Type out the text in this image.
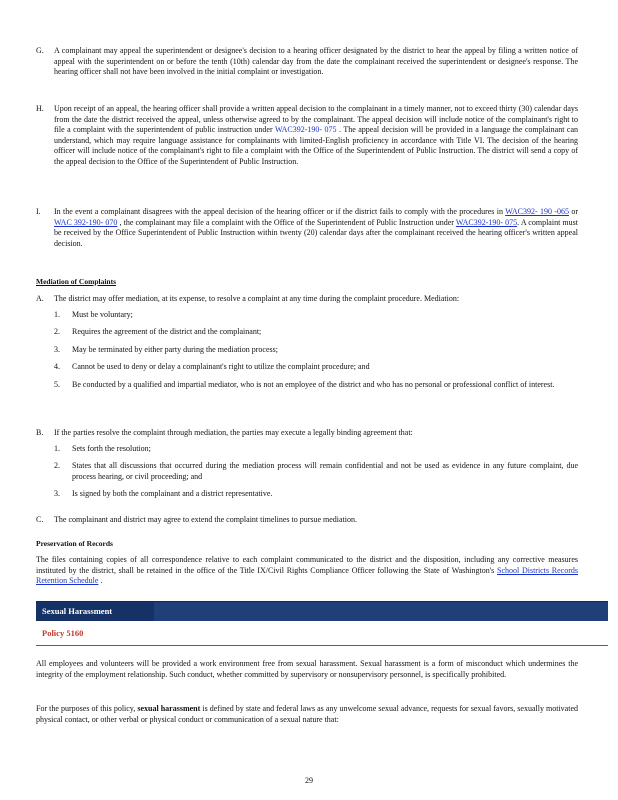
G. A complainant may appeal the superintendent or designee's decision to a hearing officer designated by the district to hear the appeal by filing a written notice of appeal with the superintendent on or before the tenth (10th) calendar day from the date the complainant received the superintendent or designee's response. The hearing officer shall not have been involved in the initial complaint or investigation.
H. Upon receipt of an appeal, the hearing officer shall provide a written appeal decision to the complainant in a timely manner, not to exceed thirty (30) calendar days from the date the district received the appeal, unless otherwise agreed to by the complainant. The appeal decision will include notice of the complainant's right to file a complaint with the superintendent of public instruction under WAC392-190- 075 . The appeal decision will be provided in a language the complainant can understand, which may require language assistance for complainants with limited-English proficiency in accordance with Title VI. The decision of the hearing officer will include notice of the complainant's right to file a complaint with the Office of the Superintendent of Public Instruction. The district will send a copy of the appeal decision to the Office of the Superintendent of Public Instruction.
I. In the event a complainant disagrees with the appeal decision of the hearing officer or if the district fails to comply with the procedures in WAC392- 190 -065 or WAC 392-190- 070 , the complainant may file a complaint with the Office of the Superintendent of Public Instruction under WAC392-190- 075. A complaint must be received by the Office Superintendent of Public Instruction within twenty (20) calendar days after the complainant received the hearing officer's written appeal decision.
Mediation of Complaints
A. The district may offer mediation, at its expense, to resolve a complaint at any time during the complaint procedure. Mediation:
1. Must be voluntary;
2. Requires the agreement of the district and the complainant;
3. May be terminated by either party during the mediation process;
4. Cannot be used to deny or delay a complainant's right to utilize the complaint procedure; and
5. Be conducted by a qualified and impartial mediator, who is not an employee of the district and who has no personal or professional conflict of interest.
B. If the parties resolve the complaint through mediation, the parties may execute a legally binding agreement that:
1. Sets forth the resolution;
2. States that all discussions that occurred during the mediation process will remain confidential and not be used as evidence in any future complaint, due process hearing, or civil proceeding; and
3. Is signed by both the complainant and a district representative.
C. The complainant and district may agree to extend the complaint timelines to pursue mediation.
Preservation of Records
The files containing copies of all correspondence relative to each complaint communicated to the district and the disposition, including any corrective measures instituted by the district, shall be retained in the office of the Title IX/Civil Rights Compliance Officer following the State of Washington's School Districts Records Retention Schedule .
Sexual Harassment
Policy 5160
All employees and volunteers will be provided a work environment free from sexual harassment. Sexual harassment is a form of misconduct which undermines the integrity of the employment relationship. Such conduct, whether committed by supervisory or nonsupervisory personnel, is specifically prohibited.
For the purposes of this policy, sexual harassment is defined by state and federal laws as any unwelcome sexual advance, requests for sexual favors, sexually motivated physical contact, or other verbal or physical conduct or communication of a sexual nature that:
29
